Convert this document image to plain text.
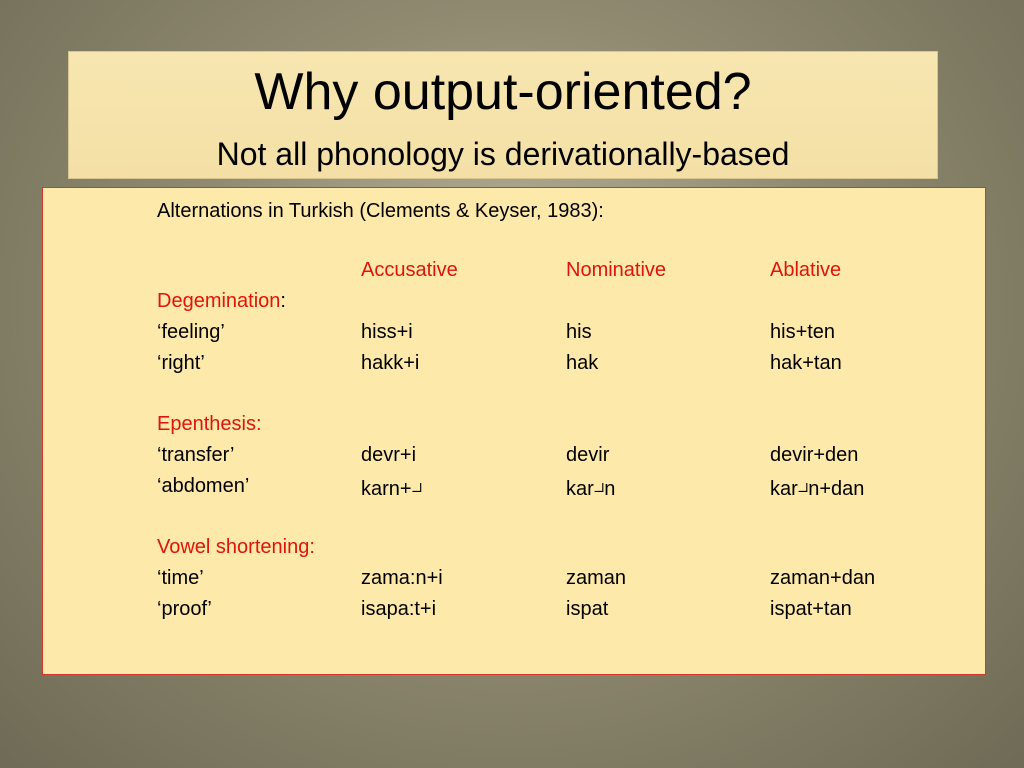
Why output-oriented?
Not all phonology is derivationally-based
Alternations in Turkish (Clements & Keyser, 1983):
Accusative	Nominative	Ablative
Degemination:
‘feeling’	hiss+i	his	his+ten
‘right’	hakk+i	hak	hak+tan
Epenthesis:
‘transfer’	devr+i	devir	devir+den
‘abdomen’	karn+⯾	kar⯾n	kar⯾n+dan
Vowel shortening:
‘time’	zama:n+i	zaman	zaman+dan
‘proof’	isapa:t+i	ispat	ispat+tan
